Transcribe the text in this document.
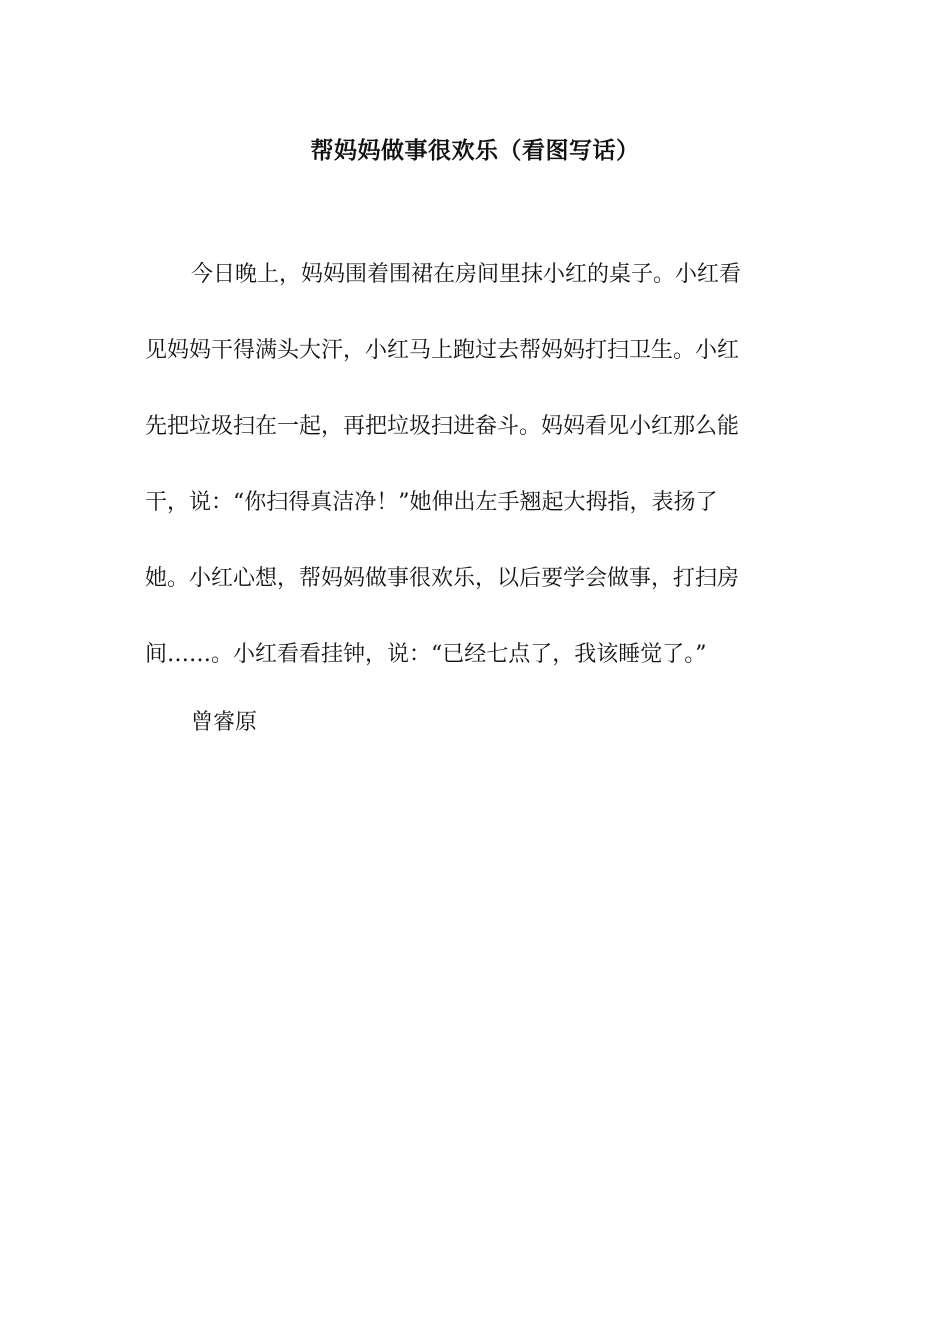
帮妈妈做事很欢乐（看图写话）
今日晚上，妈妈围着围裙在房间里抹小红的桌子。小红看
见妈妈干得满头大汗，小红马上跑过去帮妈妈打扫卫生。小红
先把垃圾扫在一起，再把垃圾扫进畚斗。妈妈看见小红那么能
干，说：“你扫得真洁净！”她伸出左手翘起大拇指，表扬了
她。小红心想，帮妈妈做事很欢乐，以后要学会做事，打扫房
间……。小红看看挂钟，说：“已经七点了，我该睡觉了。”
曾睿原
